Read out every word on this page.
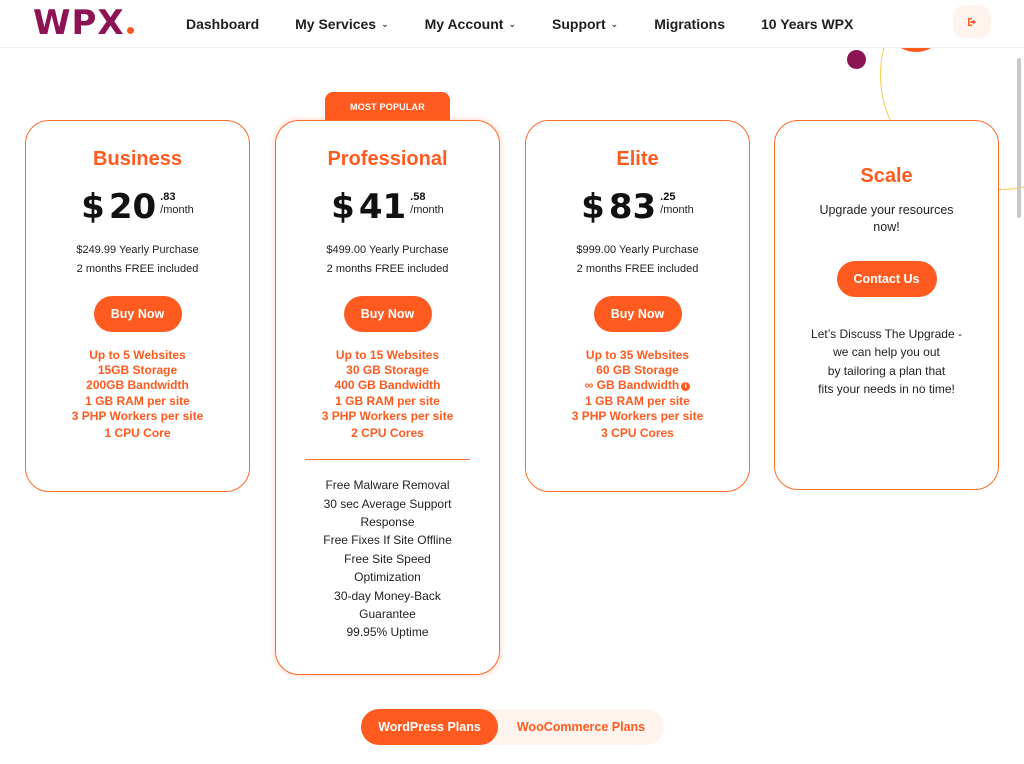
WPX	Dashboard	My Services ⌄	My Account ⌄	Support ⌄	Migrations	10 Years WPX
Business
$ 20 .83
/month
$249.99 Yearly Purchase
2 months FREE included
Buy Now
Up to 5 Websites
15GB Storage
200GB Bandwidth
1 GB RAM per site
3 PHP Workers per site
1 CPU Core
MOST POPULAR
Professional
$ 41 .58
/month
$499.00 Yearly Purchase
2 months FREE included
Buy Now
Up to 15 Websites
30 GB Storage
400 GB Bandwidth
1 GB RAM per site
3 PHP Workers per site
2 CPU Cores
Free Malware Removal
30 sec Average Support
Response
Free Fixes If Site Offline
Free Site Speed
Optimization
30-day Money-Back
Guarantee
99.95% Uptime
Elite
$ 83 .25
/month
$999.00 Yearly Purchase
2 months FREE included
Buy Now
Up to 35 Websites
60 GB Storage
∞ GB Bandwidth i
1 GB RAM per site
3 PHP Workers per site
3 CPU Cores
Scale
Upgrade your resources now!
Contact Us
Let’s Discuss The Upgrade -
we can help you out
by tailoring a plan that
fits your needs in no time!
WordPress Plans	WooCommerce Plans
